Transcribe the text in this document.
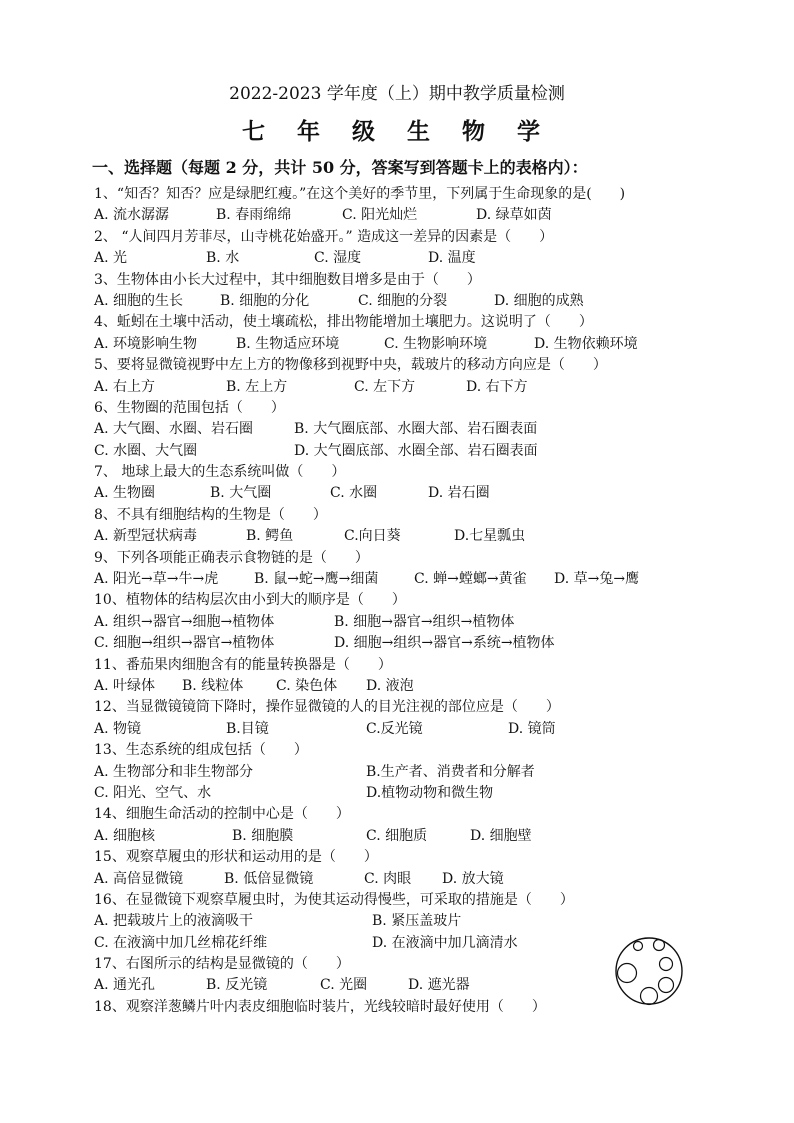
2022-2023 学年度（上）期中教学质量检测
七 年 级 生 物 学
一、选择题（每题 2 分，共计 50 分，答案写到答题卡上的表格内）：
1、“知否？知否？应是绿肥红瘦。”在这个美好的季节里，下列属于生命现象的是(　　)
A. 流水潺潺	B. 春雨绵绵	C. 阳光灿烂	D. 绿草如茵
2、 “人间四月芳菲尽，山寺桃花始盛开。” 造成这一差异的因素是（　　）
A. 光	B. 水	C. 湿度	D. 温度
3、生物体由小长大过程中，其中细胞数目增多是由于（　　）
A. 细胞的生长	B. 细胞的分化	C. 细胞的分裂	D. 细胞的成熟
4、蚯蚓在土壤中活动，使土壤疏松，排出物能增加土壤肥力。这说明了（　　）
A. 环境影响生物	B. 生物适应环境	C. 生物影响环境	D. 生物依赖环境
5、要将显微镜视野中左上方的物像移到视野中央，载玻片的移动方向应是（　　）
A. 右上方	B. 左上方	C. 左下方	D. 右下方
6、生物圈的范围包括（　　）
A. 大气圈、水圈、岩石圈	B. 大气圈底部、水圈大部、岩石圈表面
C. 水圈、大气圈	D. 大气圈底部、水圈全部、岩石圈表面
7、 地球上最大的生态系统叫做（　　）
A. 生物圈	B. 大气圈	C. 水圈	D. 岩石圈
8、不具有细胞结构的生物是（　　）
A. 新型冠状病毒	B. 鳄鱼	C.向日葵	D.七星瓢虫
9、下列各项能正确表示食物链的是（　　）
A. 阳光→草→牛→虎	B. 鼠→蛇→鹰→细菌	C. 蝉→螳螂→黄雀 D. 草→兔→鹰
10、植物体的结构层次由小到大的顺序是（　　）
A. 组织→器官→细胞→植物体	B. 细胞→器官→组织→植物体
C. 细胞→组织→器官→植物体	D. 细胞→组织→器官→系统→植物体
11、番茄果肉细胞含有的能量转换器是（　　）
A. 叶绿体 B. 线粒体 C. 染色体 D. 液泡
12、当显微镜镜筒下降时，操作显微镜的人的目光注视的部位应是（　　）
A. 物镜	B.目镜	C.反光镜	D. 镜筒
13、生态系统的组成包括（　　）
A. 生物部分和非生物部分	B.生产者、消费者和分解者
C. 阳光、空气、水	D.植物动物和微生物
14、细胞生命活动的控制中心是（　　）
A. 细胞核	B. 细胞膜	C. 细胞质	D. 细胞壁
15、观察草履虫的形状和运动用的是（　　）
A. 高倍显微镜	B. 低倍显微镜	C. 肉眼 D. 放大镜
16、在显微镜下观察草履虫时，为使其运动得慢些，可采取的措施是（　　）
A. 把载玻片上的液滴吸干	B. 紧压盖玻片
C. 在液滴中加几丝棉花纤维	D. 在液滴中加几滴清水
17、右图所示的结构是显微镜的（　　）
A. 通光孔	B. 反光镜	C. 光圈	D. 遮光器
18、观察洋葱鳞片叶内表皮细胞临时装片，光线较暗时最好使用（　　）
